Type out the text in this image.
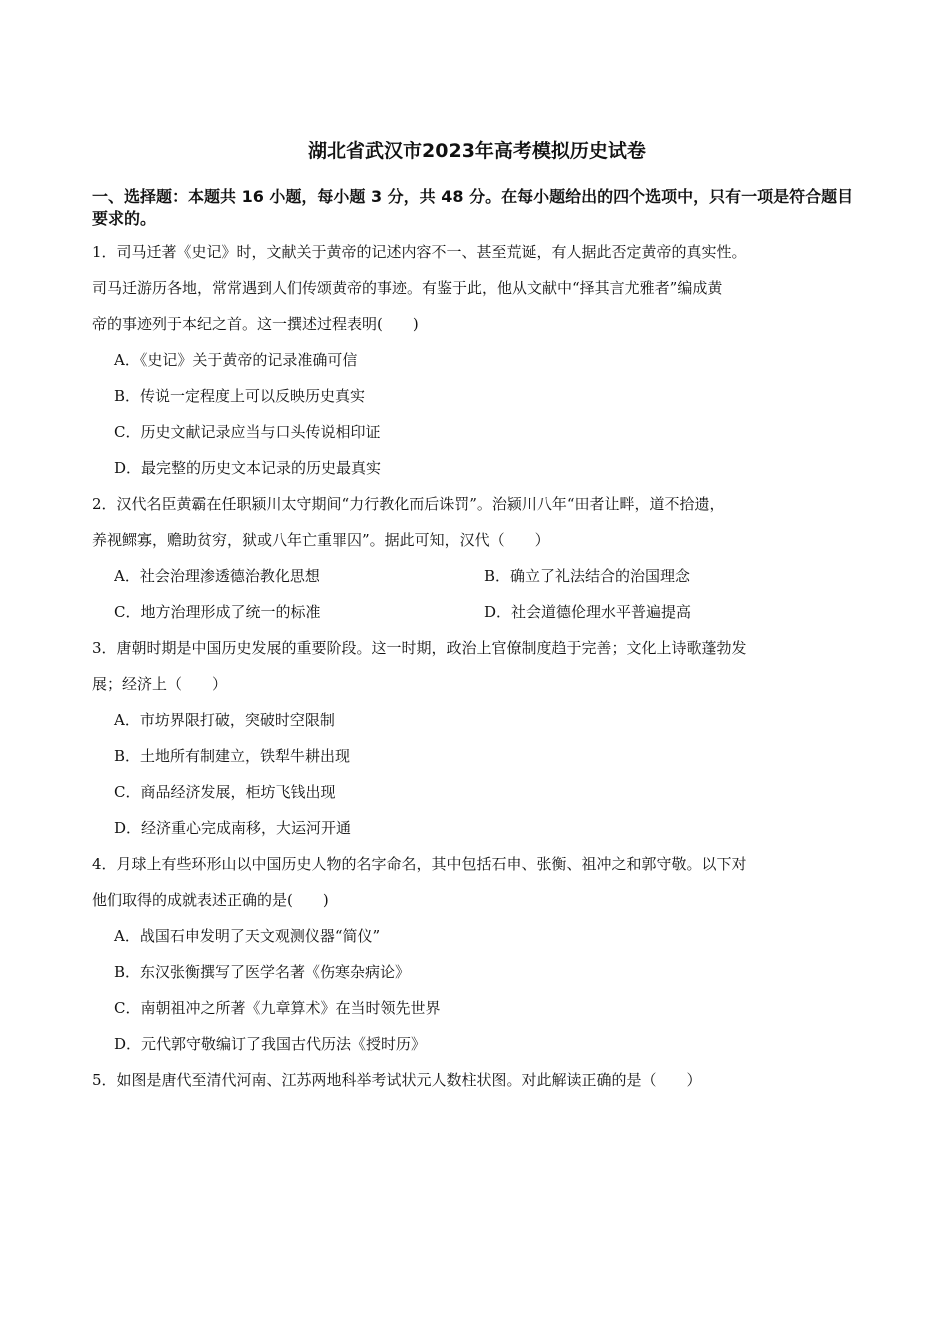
湖北省武汉市2023年高考模拟历史试卷
一、选择题：本题共 16 小题，每小题 3 分，共 48 分。在每小题给出的四个选项中，只有一项是符合题目要求的。
1．司马迁著《史记》时，文献关于黄帝的记述内容不一、甚至荒诞，有人据此否定黄帝的真实性。
司马迁游历各地，常常遇到人们传颂黄帝的事迹。有鉴于此，他从文献中“择其言尤雅者”编成黄
帝的事迹列于本纪之首。这一撰述过程表明(　　)
A．《史记》关于黄帝的记录准确可信
B．传说一定程度上可以反映历史真实
C．历史文献记录应当与口头传说相印证
D．最完整的历史文本记录的历史最真实
2．汉代名臣黄霸在任职颍川太守期间“力行教化而后诛罚”。治颍川八年“田者让畔，道不拾遗，
养视鳏寡，赡助贫穷，狱或八年亡重罪囚”。据此可知，汉代（　　）
A．社会治理渗透德治教化思想	B．确立了礼法结合的治国理念
C．地方治理形成了统一的标准	D．社会道德伦理水平普遍提高
3．唐朝时期是中国历史发展的重要阶段。这一时期，政治上官僚制度趋于完善；文化上诗歌蓬勃发
展；经济上（　　）
A．市坊界限打破，突破时空限制
B．土地所有制建立，铁犁牛耕出现
C．商品经济发展，柜坊飞钱出现
D．经济重心完成南移，大运河开通
4．月球上有些环形山以中国历史人物的名字命名，其中包括石申、张衡、祖冲之和郭守敬。以下对
他们取得的成就表述正确的是(　　)
A．战国石申发明了天文观测仪器“简仪”
B．东汉张衡撰写了医学名著《伤寒杂病论》
C．南朝祖冲之所著《九章算术》在当时领先世界
D．元代郭守敬编订了我国古代历法《授时历》
5．如图是唐代至清代河南、江苏两地科举考试状元人数柱状图。对此解读正确的是（　　）
